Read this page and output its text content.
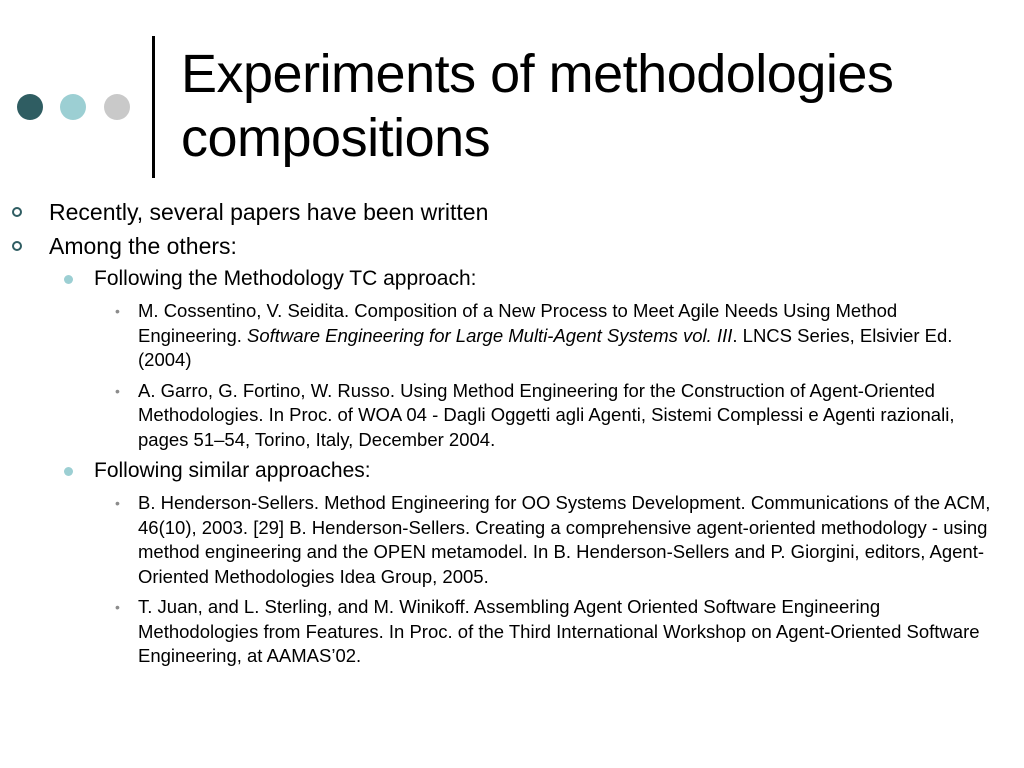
Experiments of methodologies compositions
Recently, several papers have been written
Among the others:
Following the Methodology TC approach:
• M. Cossentino, V. Seidita. Composition of a New Process to Meet Agile Needs Using Method Engineering. Software Engineering for Large Multi-Agent Systems vol. III. LNCS Series, Elsivier Ed. (2004)
• A. Garro, G. Fortino, W. Russo. Using Method Engineering for the Construction of Agent-Oriented Methodologies. In Proc. of WOA 04 - Dagli Oggetti agli Agenti, Sistemi Complessi e Agenti razionali, pages 51–54, Torino, Italy, December 2004.
Following similar approaches:
• B. Henderson-Sellers. Method Engineering for OO Systems Development. Communications of the ACM, 46(10), 2003. [29] B. Henderson-Sellers. Creating a comprehensive agent-oriented methodology - using method engineering and the OPEN metamodel. In B. Henderson-Sellers and P. Giorgini, editors, Agent-Oriented Methodologies Idea Group, 2005.
• T. Juan, and L. Sterling, and M. Winikoff. Assembling Agent Oriented Software Engineering Methodologies from Features. In Proc. of the Third International Workshop on Agent-Oriented Software Engineering, at AAMAS’02.
